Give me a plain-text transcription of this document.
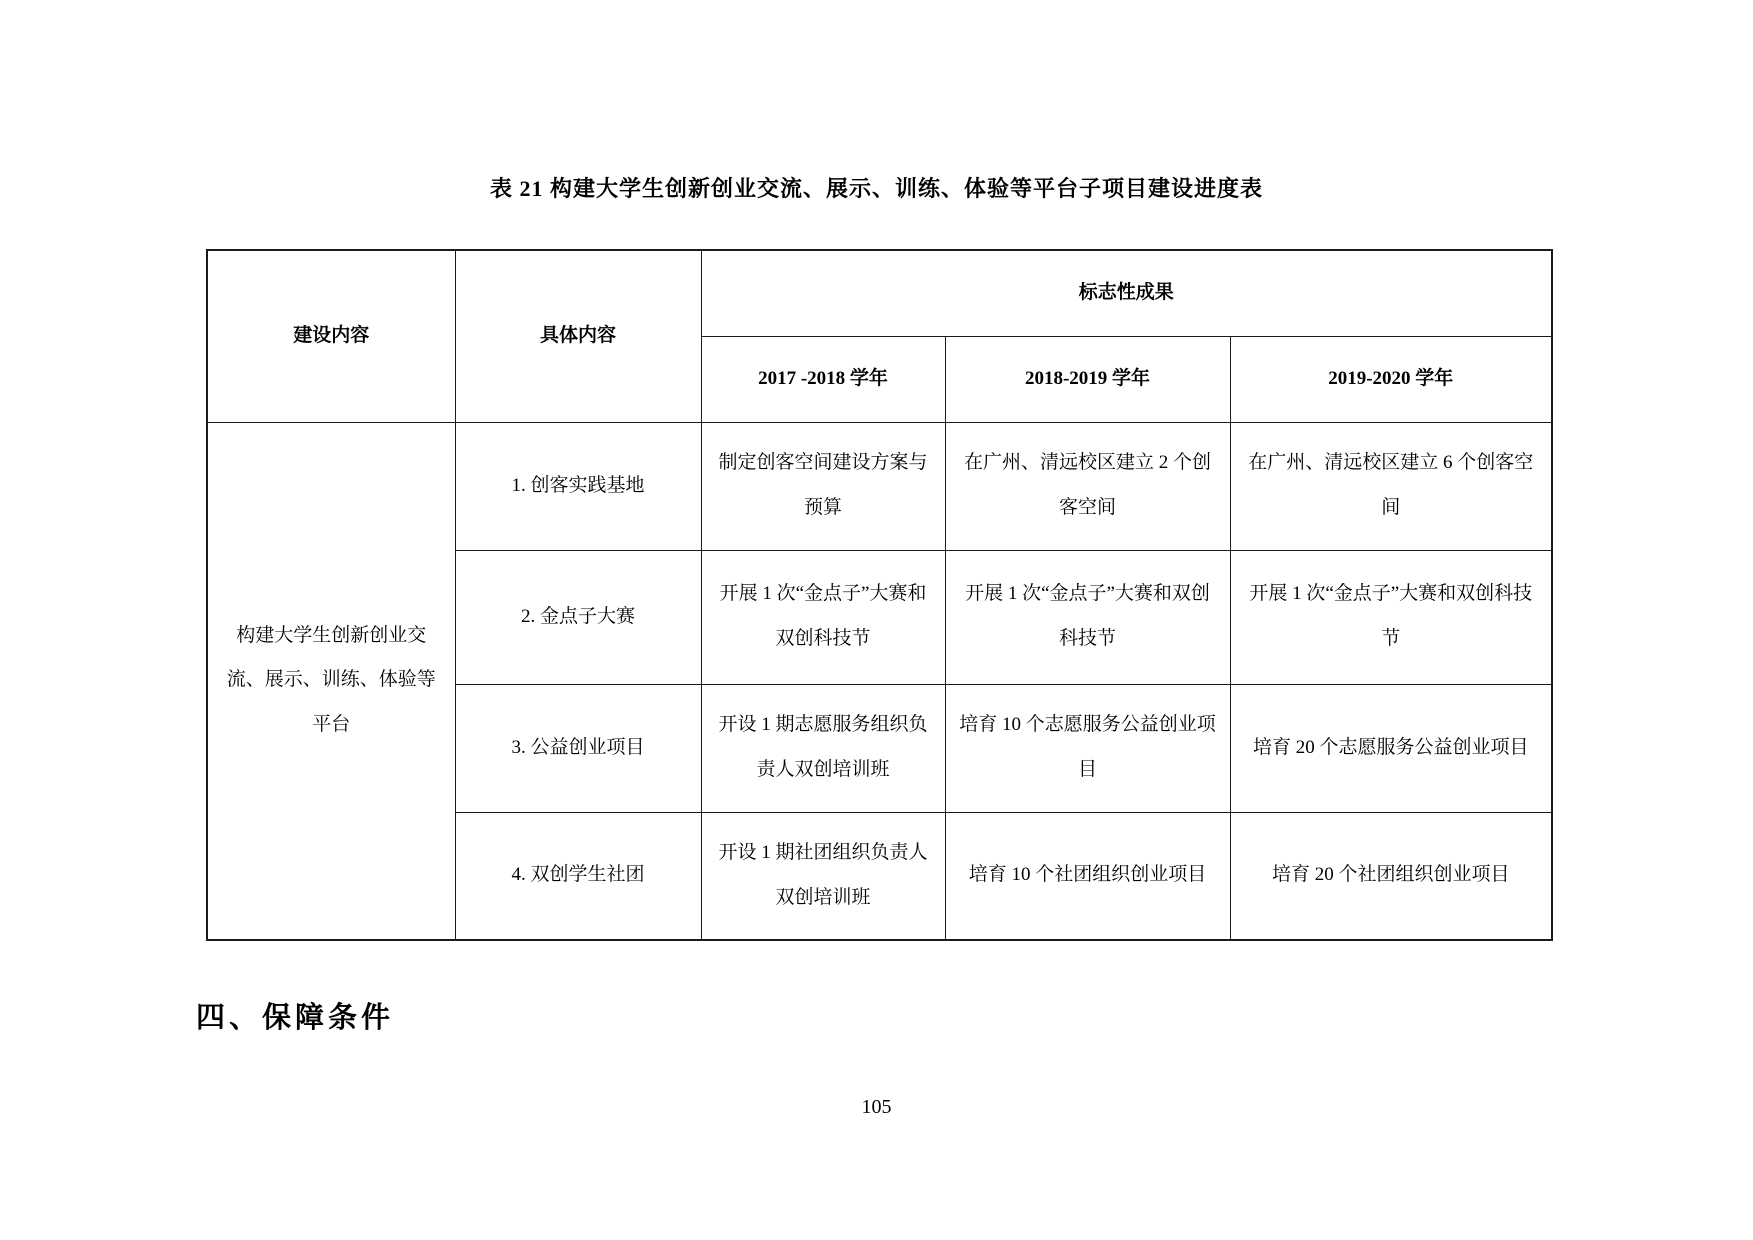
表 21 构建大学生创新创业交流、展示、训练、体验等平台子项目建设进度表
建设内容	具体内容	标志性成果		
		2017 -2018 学年	2018-2019 学年	2019-2020 学年
构建大学生创新创业交流、展示、训练、体验等平台	1. 创客实践基地	制定创客空间建设方案与预算	在广州、清远校区建立 2 个创客空间	在广州、清远校区建立 6 个创客空间
	2. 金点子大赛	开展 1 次“金点子”大赛和双创科技节	开展 1 次“金点子”大赛和双创科技节	开展 1 次“金点子”大赛和双创科技节
	3. 公益创业项目	开设 1 期志愿服务组织负责人双创培训班	培育 10 个志愿服务公益创业项目	培育 20 个志愿服务公益创业项目
	4. 双创学生社团	开设 1 期社团组织负责人双创培训班	培育 10 个社团组织创业项目	培育 20 个社团组织创业项目
四、保障条件
105
